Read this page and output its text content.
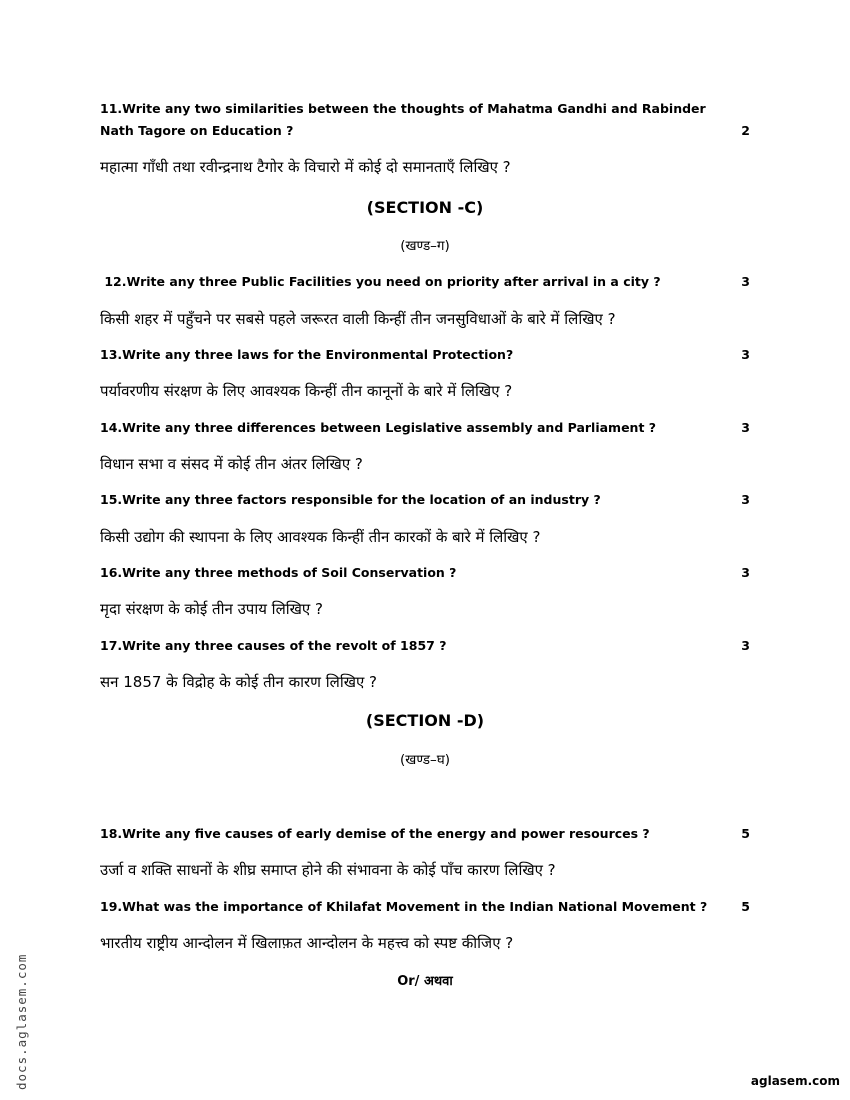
11.Write any two similarities between the thoughts of Mahatma Gandhi and Rabinder Nath Tagore on Education ?	2
महात्मा गाँधी तथा रवीन्द्रनाथ टैगोर के विचारो में कोई दो समानताएँ लिखिए ?
(SECTION -C)
(खण्ड–ग)
12.Write any three Public Facilities you need on priority after arrival in a city ?	3
किसी शहर में पहुँचने पर सबसे पहले जरूरत वाली किन्हीं तीन जनसुविधाओं के बारे में लिखिए ?
13.Write any three laws for the Environmental Protection?	3
पर्यावरणीय संरक्षण के लिए आवश्यक किन्हीं तीन कानूनों के बारे में लिखिए ?
14.Write any three differences between Legislative assembly and Parliament ?	3
विधान सभा व संसद में कोई तीन अंतर लिखिए ?
15.Write any three factors responsible for the location of an industry ?	3
किसी उद्योग की स्थापना के लिए आवश्यक किन्हीं तीन कारकों के बारे में लिखिए ?
16.Write any three methods of Soil Conservation ?	3
मृदा संरक्षण के कोई तीन उपाय लिखिए ?
17.Write any three causes of the revolt of 1857 ?	3
सन 1857 के विद्रोह के कोई तीन कारण लिखिए ?
(SECTION -D)
(खण्ड–घ)
18.Write any five causes of early demise of the energy and power resources ?	5
उर्जा व शक्ति साधनों के शीघ्र समाप्त होने की संभावना के कोई पाँच कारण लिखिए ?
19.What was the importance of Khilafat Movement in the Indian National Movement ?	5
भारतीय राष्ट्रीय आन्दोलन में खिलाफ़त आन्दोलन के महत्त्व को स्पष्ट कीजिए ?
Or/ अथवा
docs.aglasem.com	aglasem.com
